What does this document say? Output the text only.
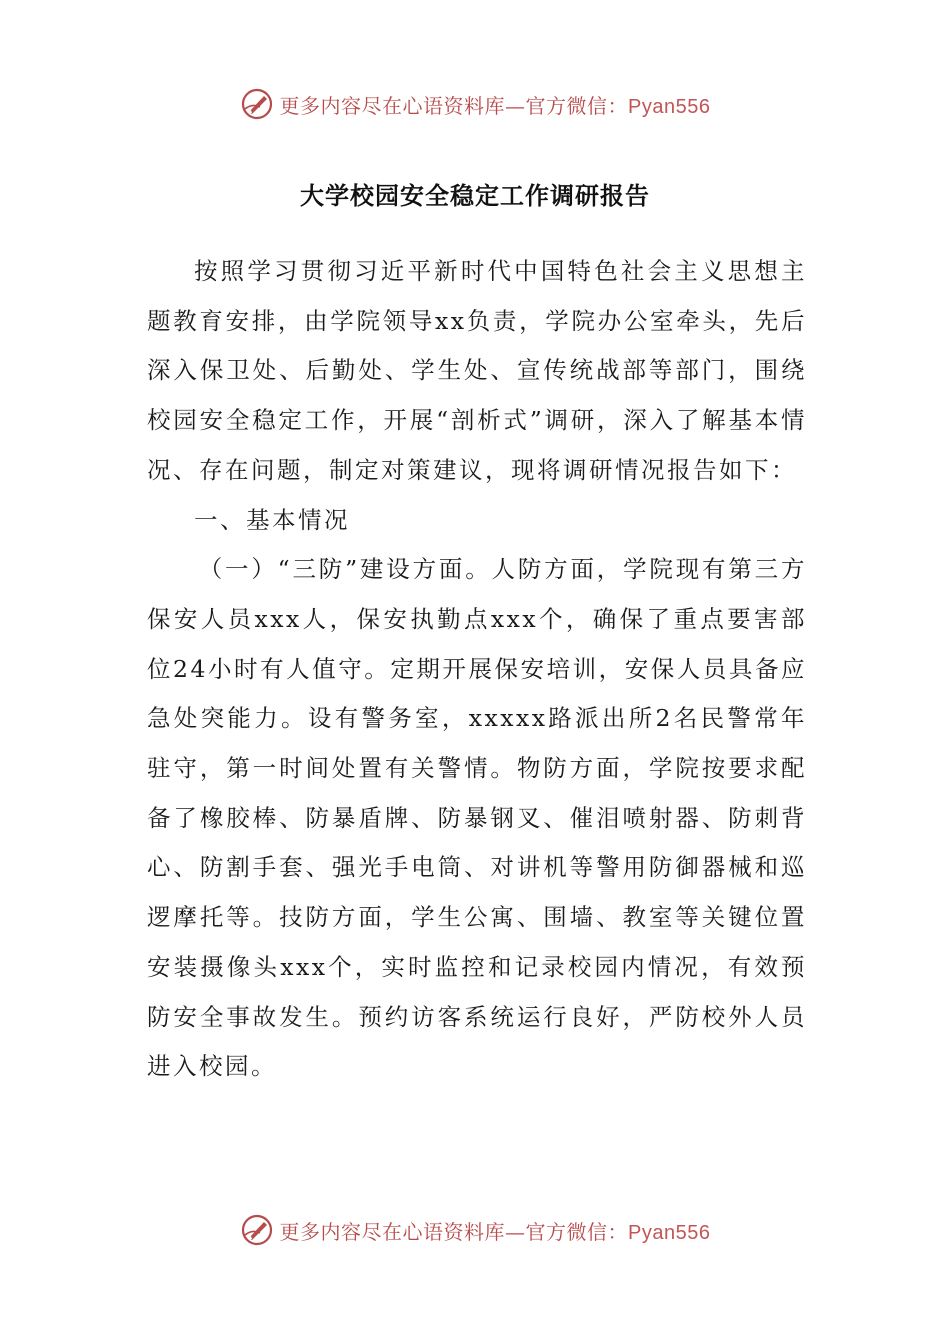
更多内容尽在心语资料库—官方微信：Pyan556
大学校园安全稳定工作调研报告

按照学习贯彻习近平新时代中国特色社会主义思想主题教育安排，由学院领导xx负责，学院办公室牵头，先后深入保卫处、后勤处、学生处、宣传统战部等部门，围绕校园安全稳定工作，开展“剖析式”调研，深入了解基本情况、存在问题，制定对策建议，现将调研情况报告如下：

一、基本情况

（一）“三防”建设方面。人防方面，学院现有第三方保安人员xxx人，保安执勤点xxx个，确保了重点要害部位24小时有人值守。定期开展保安培训，安保人员具备应急处突能力。设有警务室，xxxxx路派出所2名民警常年驻守，第一时间处置有关警情。物防方面，学院按要求配备了橡胶棒、防暴盾牌、防暴钢叉、催泪喷射器、防刺背心、防割手套、强光手电筒、对讲机等警用防御器械和巡逻摩托等。技防方面，学生公寓、围墙、教室等关键位置安装摄像头xxx个，实时监控和记录校园内情况，有效预防安全事故发生。预约访客系统运行良好，严防校外人员进入校园。

更多内容尽在心语资料库—官方微信：Pyan556
